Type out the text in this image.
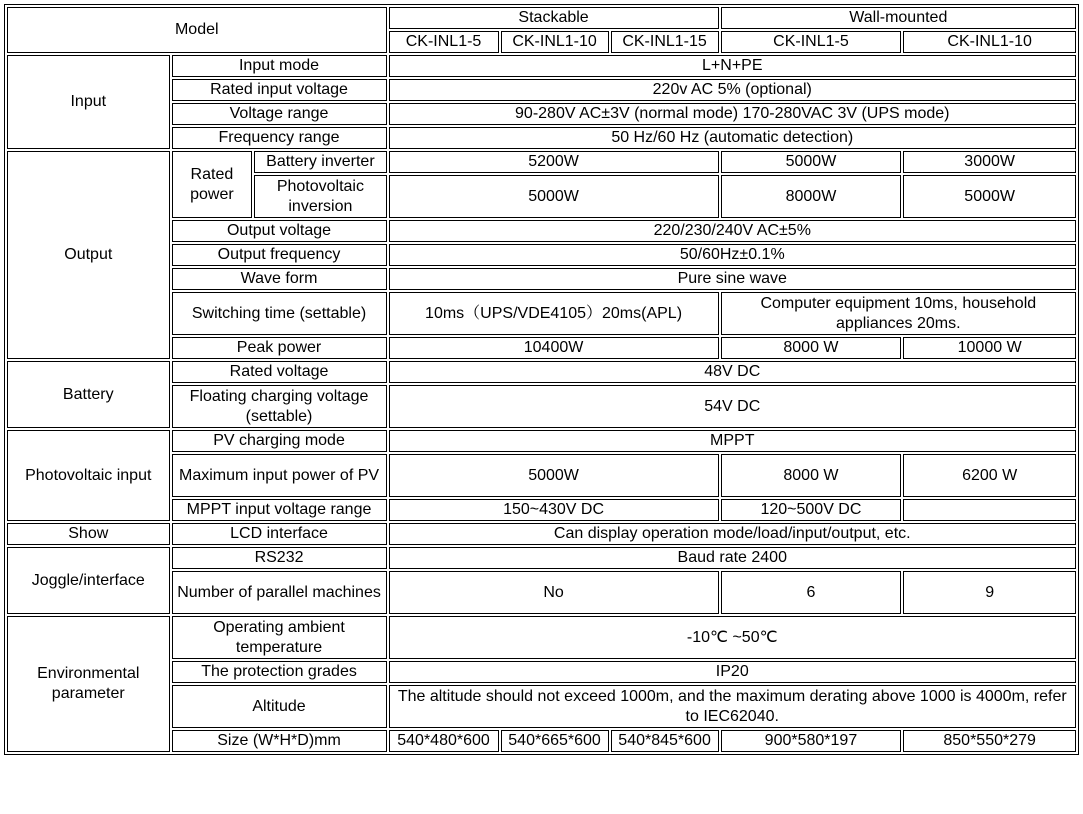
Model			Stackable			Wall-mounted	
			CK-INL1-5	CK-INL1-10	CK-INL1-15	CK-INL1-5	CK-INL1-10
Input	Input mode		L+N+PE				
	Rated input voltage		220v AC 5% (optional)				
	Voltage range		90-280V AC±3V (normal mode) 170-280VAC 3V (UPS mode)				
	Frequency range		50 Hz/60 Hz (automatic detection)				
Output	Rated power	Battery inverter	5200W			5000W	3000W
		Photovoltaic inversion	5000W			8000W	5000W
	Output voltage		220/230/240V AC±5%				
	Output frequency		50/60Hz±0.1%				
	Wave form		Pure sine wave				
	Switching time (settable)		10ms（UPS/VDE4105）20ms(APL)			Computer equipment 10ms, household appliances 20ms.	
	Peak power		10400W			8000 W	10000 W
Battery	Rated voltage		48V DC				
	Floating charging voltage (settable)		54V DC				
Photovoltaic input	PV charging mode		MPPT				
	Maximum input power of PV		5000W			8000 W	6200 W
	MPPT input voltage range		150~430V DC			120~500V DC	
Show	LCD interface		Can display operation mode/load/input/output, etc.				
Joggle/interface	RS232		Baud rate 2400				
	Number of parallel machines		No			6	9
Environmental parameter	Operating ambient temperature		-10℃ ~50℃				
	The protection grades		IP20				
	Altitude		The altitude should not exceed 1000m, and the maximum derating above 1000 is 4000m, refer to IEC62040.				
	Size (W*H*D)mm		540*480*600	540*665*600	540*845*600	900*580*197	850*550*279
